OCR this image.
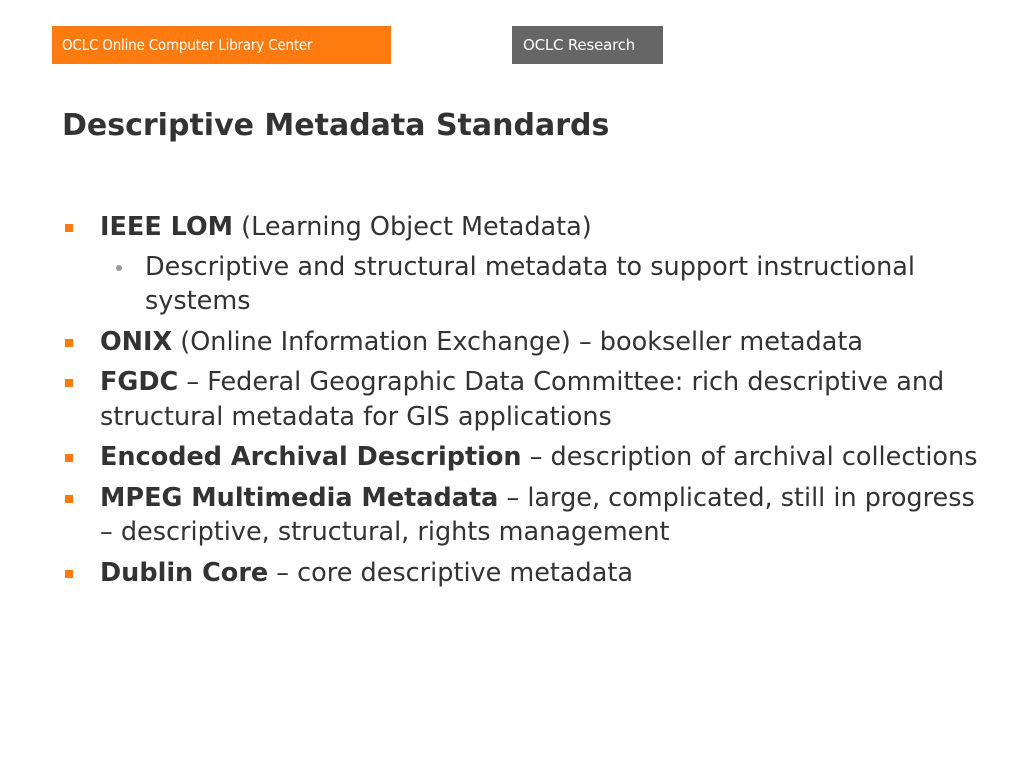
OCLC Online Computer Library Center	OCLC Research
Descriptive Metadata Standards
IEEE LOM (Learning Object Metadata)
Descriptive and structural metadata to support instructional systems
ONIX (Online Information Exchange) – bookseller metadata
FGDC – Federal Geographic Data Committee: rich descriptive and structural metadata for GIS applications
Encoded Archival Description – description of archival collections
MPEG Multimedia Metadata – large, complicated, still in progress – descriptive, structural, rights management
Dublin Core – core descriptive metadata
